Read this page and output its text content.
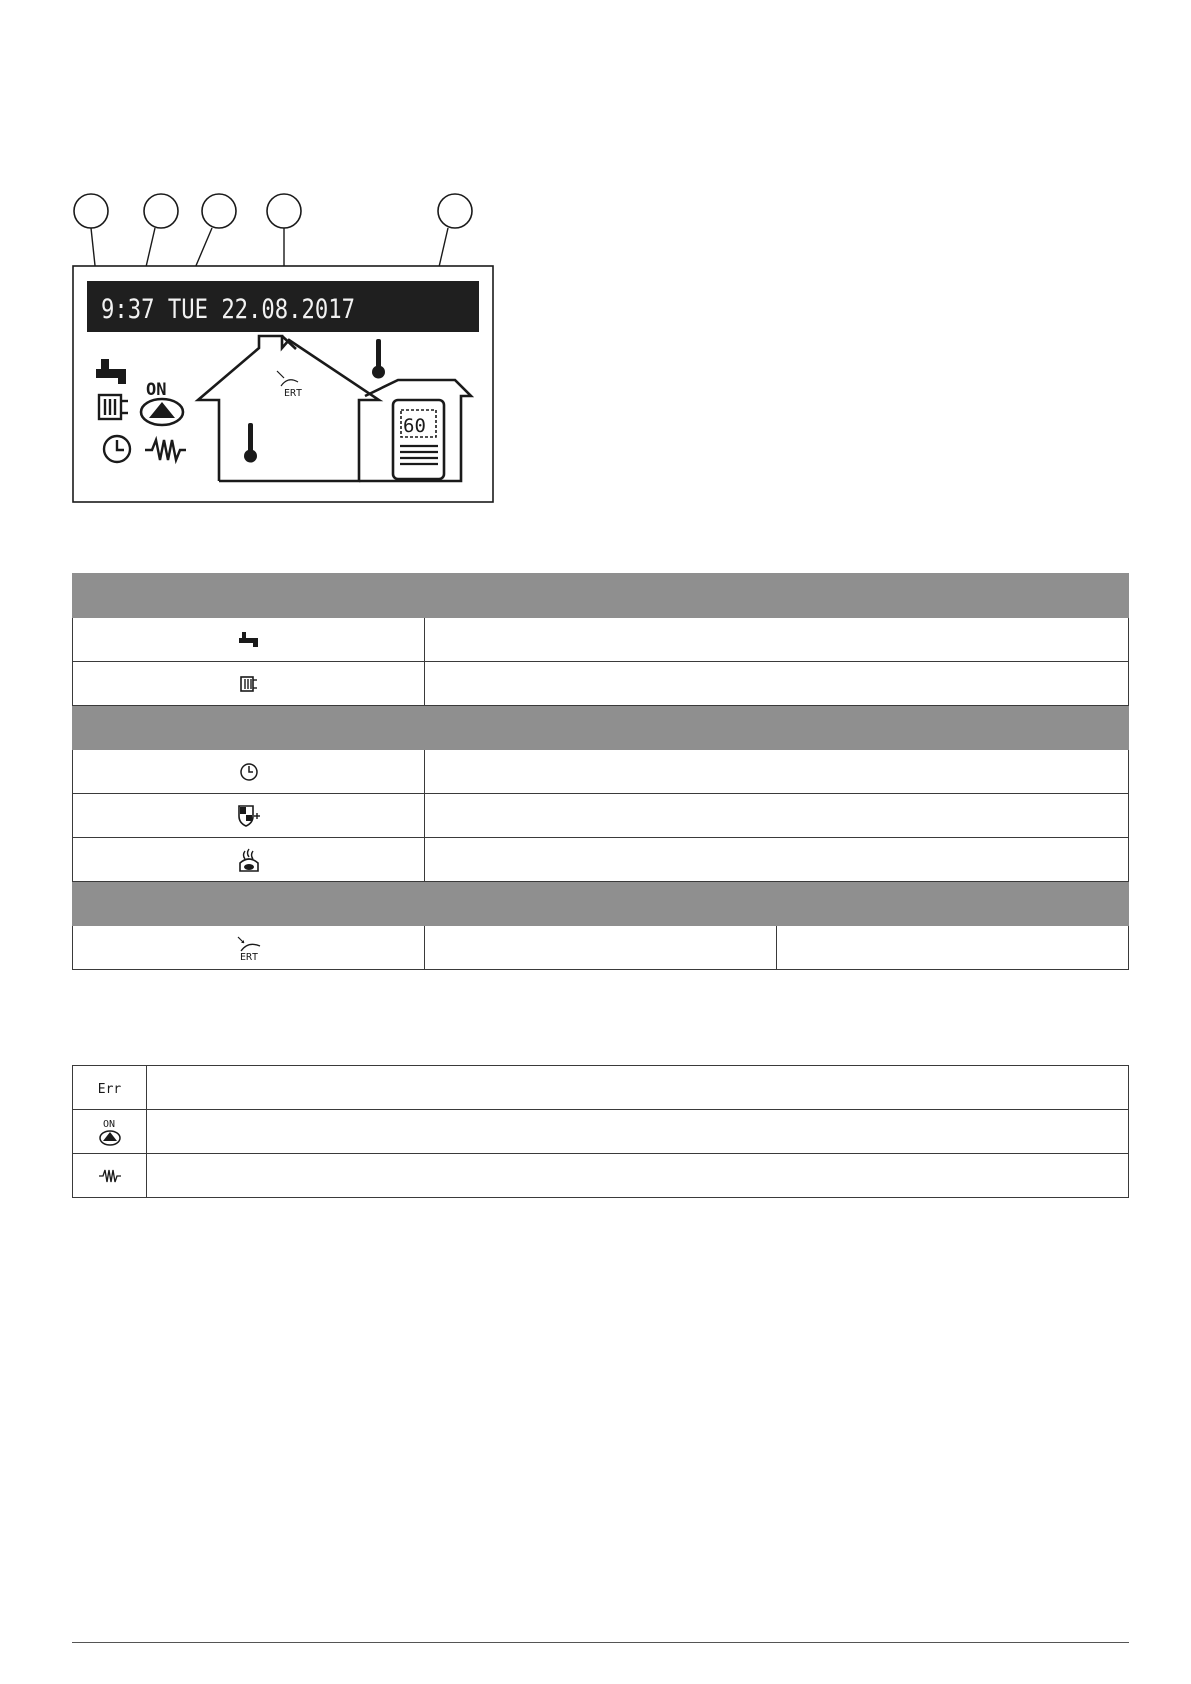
9:37 TUE 22.08.2017
ON
60
ERT

ERT		

Err	

ON	
